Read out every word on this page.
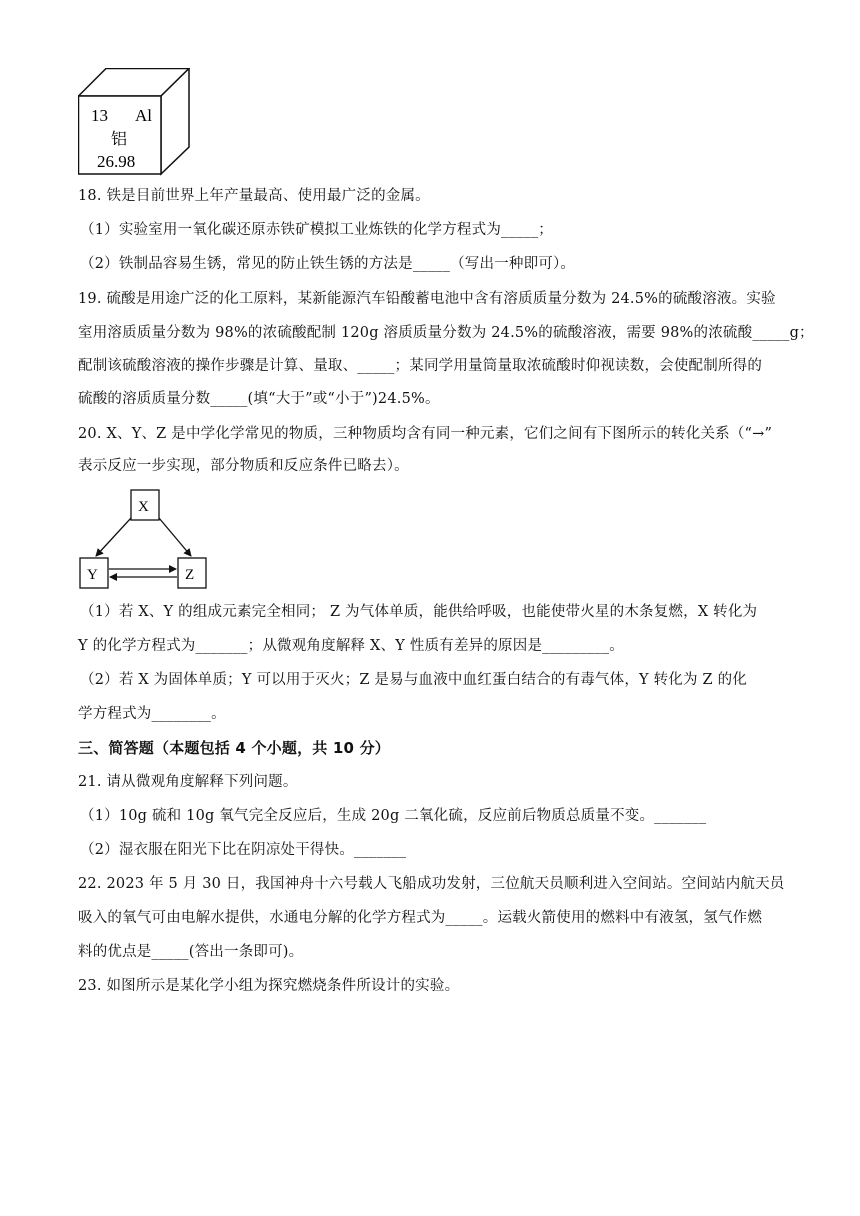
13 Al
铝
26.98
18. 铁是目前世界上年产量最高、使用最广泛的金属。
（1）实验室用一氧化碳还原赤铁矿模拟工业炼铁的化学方程式为_____；
（2）铁制品容易生锈，常见的防止铁生锈的方法是_____（写出一种即可）。
19. 硫酸是用途广泛的化工原料，某新能源汽车铅酸蓄电池中含有溶质质量分数为 24.5%的硫酸溶液。实验
室用溶质质量分数为 98%的浓硫酸配制 120g 溶质质量分数为 24.5%的硫酸溶液，需要 98%的浓硫酸_____g；
配制该硫酸溶液的操作步骤是计算、量取、_____；某同学用量筒量取浓硫酸时仰视读数，会使配制所得的
硫酸的溶质质量分数_____(填“大于”或“小于”)24.5%。
20. X、Y、Z 是中学化学常见的物质，三种物质均含有同一种元素，它们之间有下图所示的转化关系（“→”
表示反应一步实现，部分物质和反应条件已略去）。
X
Y	Z
（1）若 X、Y 的组成元素完全相同； Z 为气体单质，能供给呼吸，也能使带火星的木条复燃，X 转化为
Y 的化学方程式为_______；从微观角度解释 X、Y 性质有差异的原因是_________。
（2）若 X 为固体单质；Y 可以用于灭火；Z 是易与血液中血红蛋白结合的有毒气体，Y 转化为 Z 的化
学方程式为________。
三、简答题（本题包括 4 个小题，共 10 分）
21. 请从微观角度解释下列问题。
（1）10g 硫和 10g 氧气完全反应后，生成 20g 二氧化硫，反应前后物质总质量不变。_______
（2）湿衣服在阳光下比在阴凉处干得快。_______
22. 2023 年 5 月 30 日，我国神舟十六号载人飞船成功发射，三位航天员顺利进入空间站。空间站内航天员
吸入的氧气可由电解水提供，水通电分解的化学方程式为_____。运载火箭使用的燃料中有液氢，氢气作燃
料的优点是_____(答出一条即可)。
23. 如图所示是某化学小组为探究燃烧条件所设计的实验。
